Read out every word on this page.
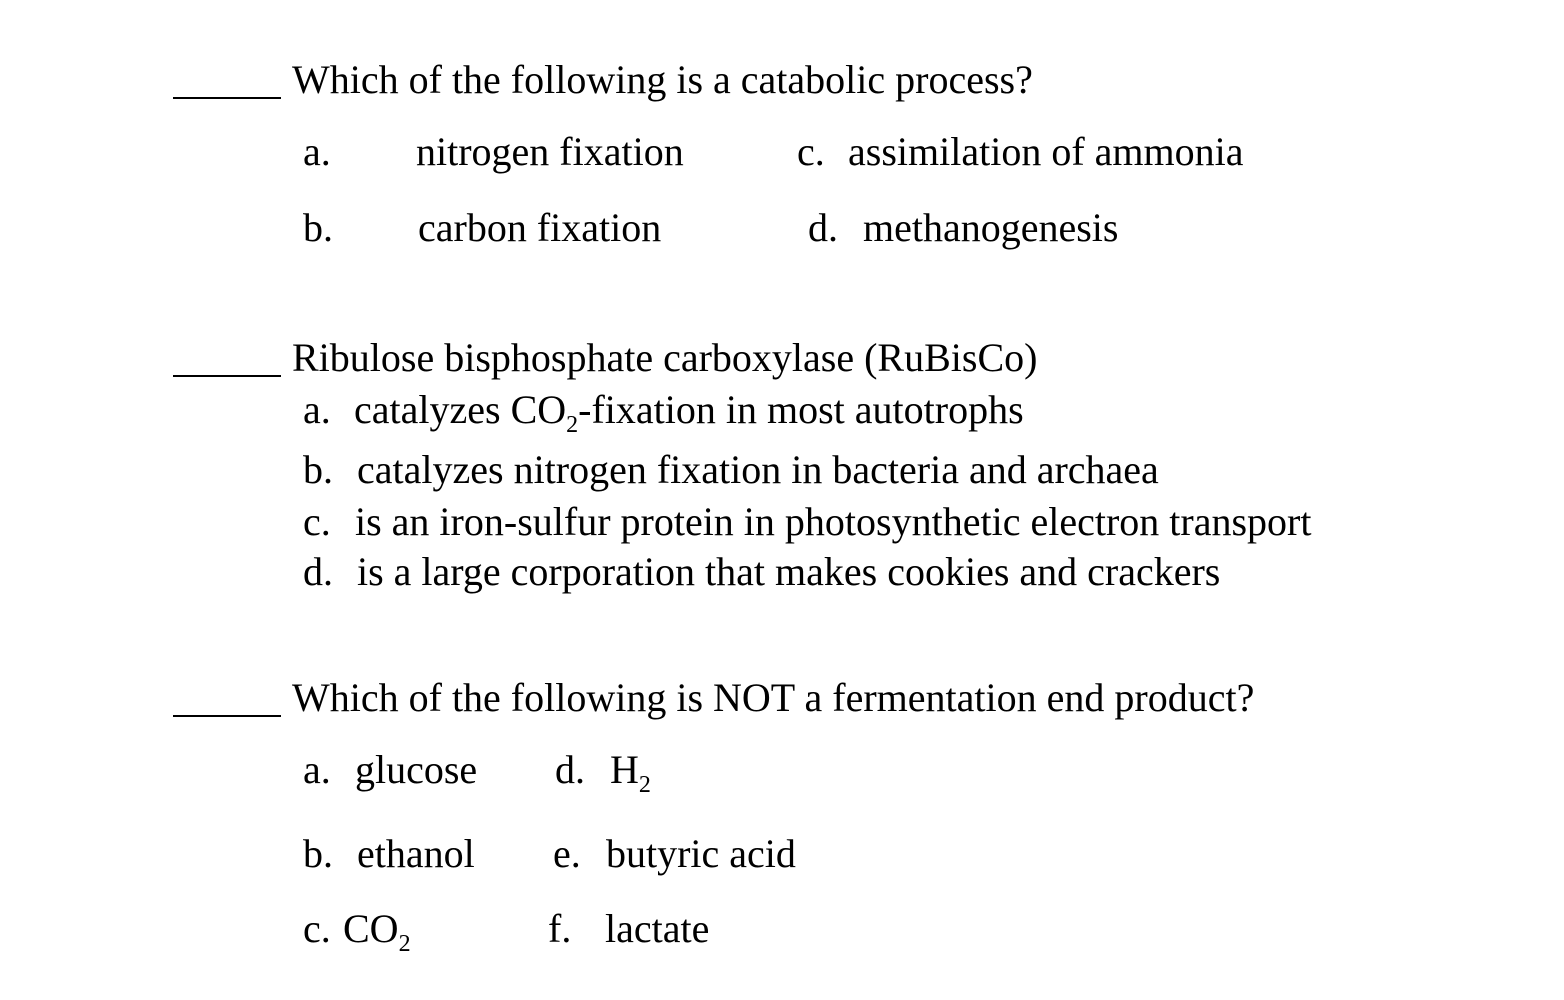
Which of the following is a catabolic process?
a. nitrogen fixation	c. assimilation of ammonia
b. carbon fixation	d. methanogenesis
Ribulose bisphosphate carboxylase (RuBisCo)
a. catalyzes $CO_2$-fixation in most autotrophs
b. catalyzes nitrogen fixation in bacteria and archaea
c. is an iron-sulfur protein in photosynthetic electron transport
d. is a large corporation that makes cookies and crackers
Which of the following is NOT a fermentation end product?
a. glucose d. $H_2$
b. ethanol e. butyric acid
c. $CO_2$	f. lactate
